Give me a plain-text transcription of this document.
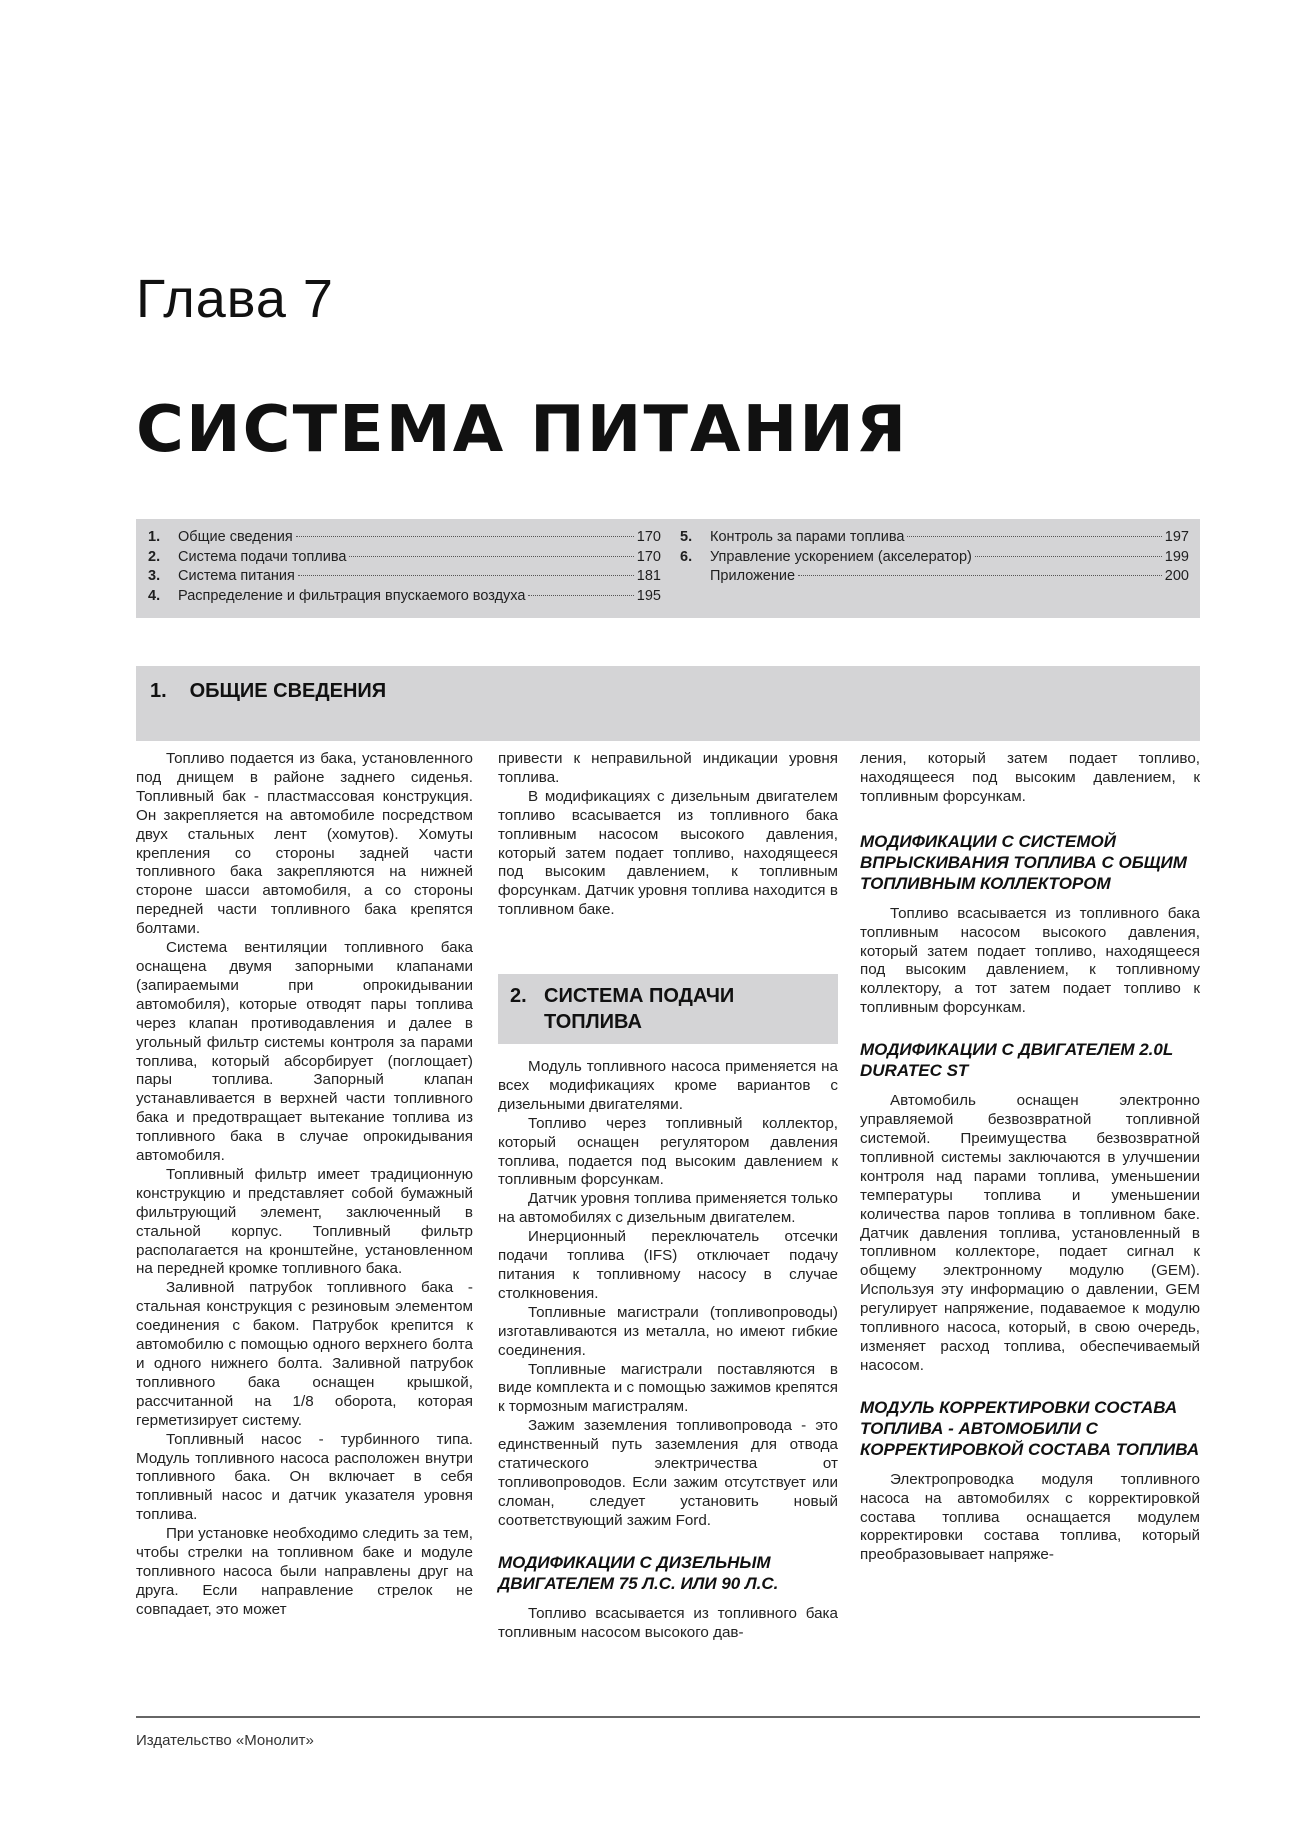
Глава 7
СИСТЕМА ПИТАНИЯ
1.	Общие сведения	170
2.	Система подачи топлива	170
3.	Система питания	181
4.	Распределение и фильтрация впускаемого воздуха	195
5.	Контроль за парами топлива	197
6.	Управление ускорением (акселератор)	199
Приложение	200
1. ОБЩИЕ СВЕДЕНИЯ

Топливо подается из бака, установленного под днищем в районе заднего сиденья. Топливный бак - пластмассовая конструкция. Он закрепляется на автомобиле посредством двух стальных лент (хомутов). Хомуты крепления со стороны задней части топливного бака закрепляются на нижней стороне шасси автомобиля, а со стороны передней части топливного бака крепятся болтами.

Система вентиляции топливного бака оснащена двумя запорными клапанами (запираемыми при опрокидывании автомобиля), которые отводят пары топлива через клапан противодавления и далее в угольный фильтр системы контроля за парами топлива, который абсорбирует (поглощает) пары топлива. Запорный клапан устанавливается в верхней части топливного бака и предотвращает вытекание топлива из топливного бака в случае опрокидывания автомобиля.

Топливный фильтр имеет традиционную конструкцию и представляет собой бумажный фильтрующий элемент, заключенный в стальной корпус. Топливный фильтр располагается на кронштейне, установленном на передней кромке топливного бака.

Заливной патрубок топливного бака - стальная конструкция с резиновым элементом соединения с баком. Патрубок крепится к автомобилю с помощью одного верхнего болта и одного нижнего болта. Заливной патрубок топливного бака оснащен крышкой, рассчитанной на 1/8 оборота, которая герметизирует систему.

Топливный насос - турбинного типа. Модуль топливного насоса расположен внутри топливного бака. Он включает в себя топливный насос и датчик указателя уровня топлива.

При установке необходимо следить за тем, чтобы стрелки на топливном баке и модуле топливного насоса были направлены друг на друга. Если направление стрелок не совпадает, это может

привести к неправильной индикации уровня топлива.

В модификациях с дизельным двигателем топливо всасывается из топливного бака топливным насосом высокого давления, который затем подает топливо, находящееся под высоким давлением, к топливным форсункам. Датчик уровня топлива находится в топливном баке.

2. СИСТЕМА ПОДАЧИ
ТОПЛИВА

Модуль топливного насоса применяется на всех модификациях кроме вариантов с дизельными двигателями.

Топливо через топливный коллектор, который оснащен регулятором давления топлива, подается под высоким давлением к топливным форсункам.

Датчик уровня топлива применяется только на автомобилях с дизельным двигателем.

Инерционный переключатель отсечки подачи топлива (IFS) отключает подачу питания к топливному насосу в случае столкновения.

Топливные магистрали (топливопроводы) изготавливаются из металла, но имеют гибкие соединения.

Топливные магистрали поставляются в виде комплекта и с помощью зажимов крепятся к тормозным магистралям.

Зажим заземления топливопровода - это единственный путь заземления для отвода статического электричества от топливопроводов. Если зажим отсутствует или сломан, следует установить новый соответствующий зажим Ford.

МОДИФИКАЦИИ С ДИЗЕЛЬНЫМ ДВИГАТЕЛЕМ 75 Л.С. ИЛИ 90 Л.С.

Топливо всасывается из топливного бака топливным насосом высокого дав-

ления, который затем подает топливо, находящееся под высоким давлением, к топливным форсункам.

МОДИФИКАЦИИ С СИСТЕМОЙ ВПРЫСКИВАНИЯ ТОПЛИВА С ОБЩИМ ТОПЛИВНЫМ КОЛЛЕКТОРОМ

Топливо всасывается из топливного бака топливным насосом высокого давления, который затем подает топливо, находящееся под высоким давлением, к топливному коллектору, а тот затем подает топливо к топливным форсункам.

МОДИФИКАЦИИ С ДВИГАТЕЛЕМ 2.0L DURATEC ST

Автомобиль оснащен электронно управляемой безвозвратной топливной системой. Преимущества безвозвратной топливной системы заключаются в улучшении контроля над парами топлива, уменьшении температуры топлива и уменьшении количества паров топлива в топливном баке. Датчик давления топлива, установленный в топливном коллекторе, подает сигнал к общему электронному модулю (GEM). Используя эту информацию о давлении, GEM регулирует напряжение, подаваемое к модулю топливного насоса, который, в свою очередь, изменяет расход топлива, обеспечиваемый насосом.

МОДУЛЬ КОРРЕКТИРОВКИ СОСТАВА ТОПЛИВА - АВТОМОБИЛИ С КОРРЕКТИРОВКОЙ СОСТАВА ТОПЛИВА

Электропроводка модуля топливного насоса на автомобилях с корректировкой состава топлива оснащается модулем корректировки состава топлива, который преобразовывает напряже-

Издательство «Монолит»
